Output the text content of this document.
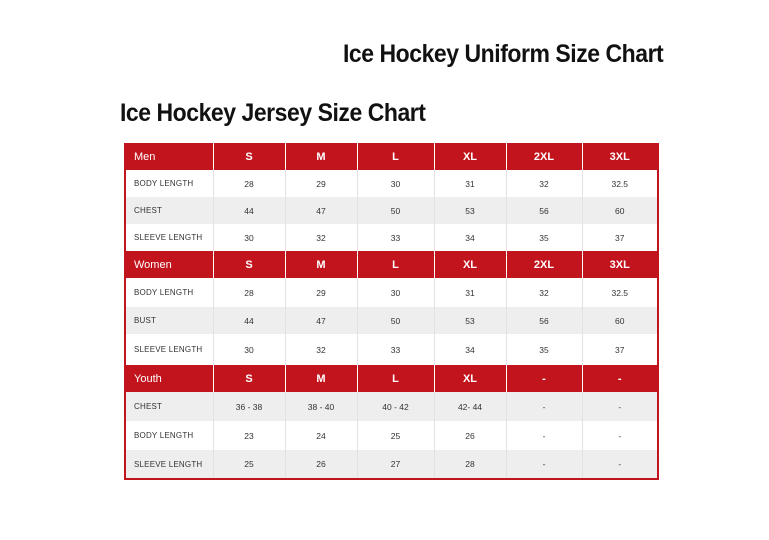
Ice Hockey Uniform Size Chart
Ice Hockey Jersey Size Chart
Men	S	M	L	XL	2XL	3XL
BODY LENGTH	28	29	30	31	32	32.5
CHEST	44	47	50	53	56	60
SLEEVE LENGTH	30	32	33	34	35	37
Women	S	M	L	XL	2XL	3XL
BODY LENGTH	28	29	30	31	32	32.5
BUST	44	47	50	53	56	60
SLEEVE LENGTH	30	32	33	34	35	37
Youth	S	M	L	XL	-	-
CHEST	36 - 38	38 - 40	40 - 42	42- 44	-	-
BODY LENGTH	23	24	25	26	-	-
SLEEVE LENGTH	25	26	27	28	-	-
